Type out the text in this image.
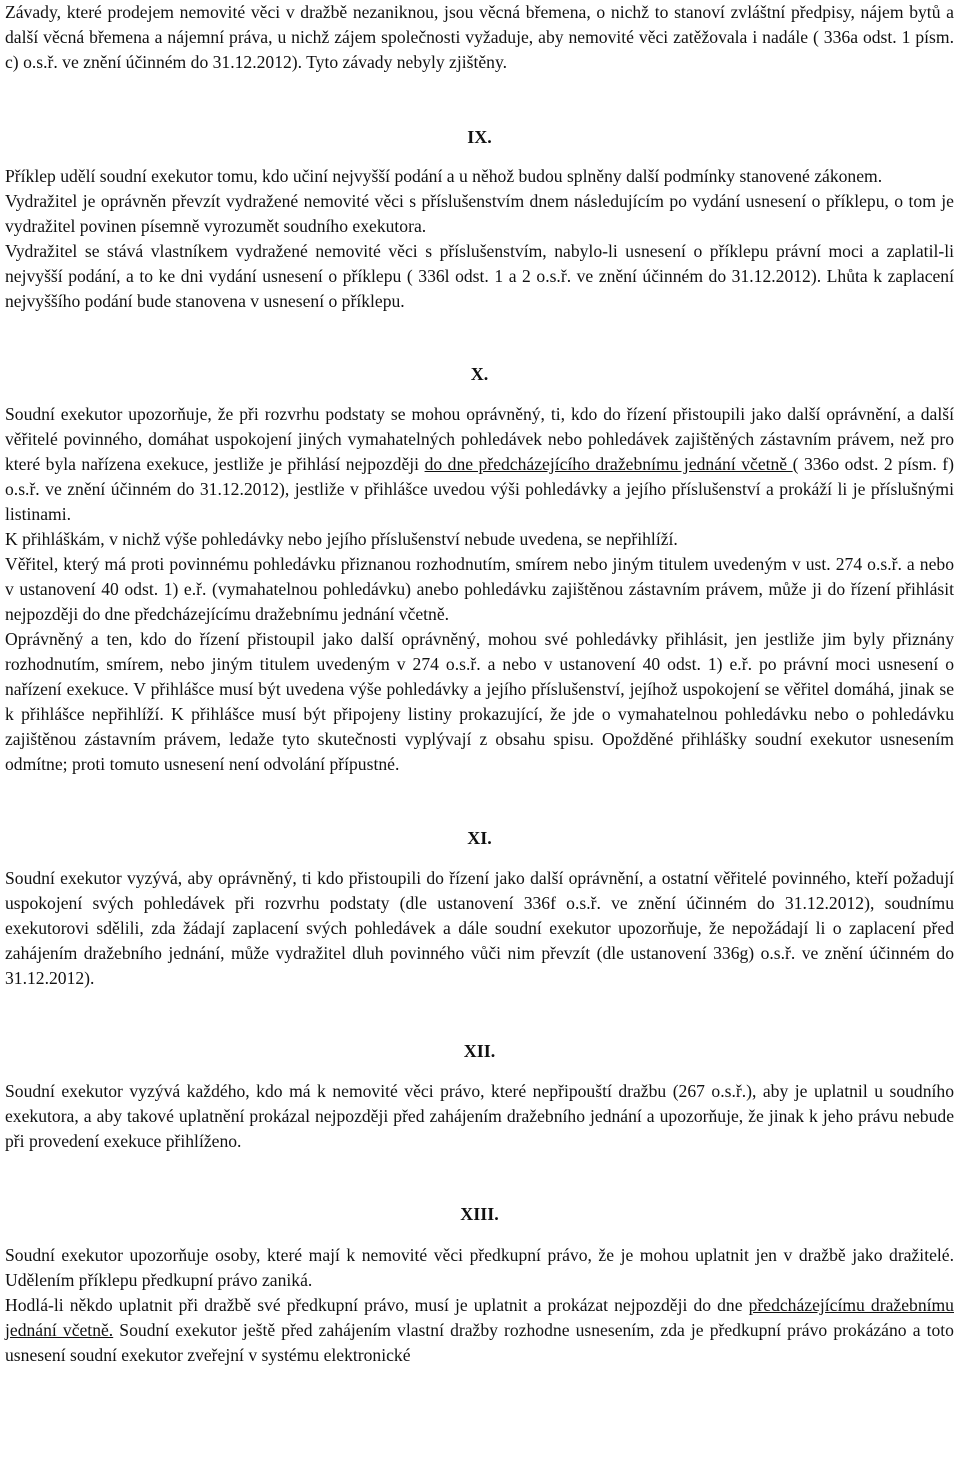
Závady, které prodejem nemovité věci v dražbě nezaniknou, jsou věcná břemena, o nichž to stanoví zvláštní předpisy, nájem bytů a další věcná břemena a nájemní práva, u nichž zájem společnosti vyžaduje, aby nemovité věci zatěžovala i nadále ( 336a odst. 1 písm. c) o.s.ř. ve znění účinném do 31.12.2012). Tyto závady nebyly zjištěny.

IX.

Příklep udělí soudní exekutor tomu, kdo učiní nejvyšší podání a u něhož budou splněny další podmínky stanovené zákonem.

Vydražitel je oprávněn převzít vydražené nemovité věci s příslušenstvím dnem následujícím po vydání usnesení o příklepu, o tom je vydražitel povinen písemně vyrozumět soudního exekutora.

Vydražitel se stává vlastníkem vydražené nemovité věci s příslušenstvím, nabylo-li usnesení o příklepu právní moci a zaplatil-li nejvyšší podání, a to ke dni vydání usnesení o příklepu ( 336l odst. 1 a 2 o.s.ř. ve znění účinném do 31.12.2012). Lhůta k zaplacení nejvyššího podání bude stanovena v usnesení o příklepu.

X.

Soudní exekutor upozorňuje, že při rozvrhu podstaty se mohou oprávněný, ti, kdo do řízení přistoupili jako další oprávnění, a další věřitelé povinného, domáhat uspokojení jiných vymahatelných pohledávek nebo pohledávek zajištěných zástavním právem, než pro které byla nařízena exekuce, jestliže je přihlásí nejpozději do dne předcházejícího dražebnímu jednání včetně ( 336o odst. 2 písm. f) o.s.ř. ve znění účinném do 31.12.2012), jestliže v přihlášce uvedou výši pohledávky a jejího příslušenství a prokáží li je příslušnými listinami.

K přihláškám, v nichž výše pohledávky nebo jejího příslušenství nebude uvedena, se nepřihlíží.

Věřitel, který má proti povinnému pohledávku přiznanou rozhodnutím, smírem nebo jiným titulem uvedeným v ust. 274 o.s.ř. a nebo v ustanovení 40 odst. 1) e.ř. (vymahatelnou pohledávku) anebo pohledávku zajištěnou zástavním právem, může ji do řízení přihlásit nejpozději do dne předcházejícímu dražebnímu jednání včetně.

Oprávněný a ten, kdo do řízení přistoupil jako další oprávněný, mohou své pohledávky přihlásit, jen jestliže jim byly přiznány rozhodnutím, smírem, nebo jiným titulem uvedeným v 274 o.s.ř. a nebo v ustanovení 40 odst. 1) e.ř. po právní moci usnesení o nařízení exekuce. V přihlášce musí být uvedena výše pohledávky a jejího příslušenství, jejíhož uspokojení se věřitel domáhá, jinak se k přihlášce nepřihlíží. K přihlášce musí být připojeny listiny prokazující, že jde o vymahatelnou pohledávku nebo o pohledávku zajištěnou zástavním právem, ledaže tyto skutečnosti vyplývají z obsahu spisu. Opožděné přihlášky soudní exekutor usnesením odmítne; proti tomuto usnesení není odvolání přípustné.

XI.

Soudní exekutor vyzývá, aby oprávněný, ti kdo přistoupili do řízení jako další oprávnění, a ostatní věřitelé povinného, kteří požadují uspokojení svých pohledávek při rozvrhu podstaty (dle ustanovení 336f o.s.ř. ve znění účinném do 31.12.2012), soudnímu exekutorovi sdělili, zda žádají zaplacení svých pohledávek a dále soudní exekutor upozorňuje, že nepožádají li o zaplacení před zahájením dražebního jednání, může vydražitel dluh povinného vůči nim převzít (dle ustanovení 336g) o.s.ř. ve znění účinném do 31.12.2012).

XII.

Soudní exekutor vyzývá každého, kdo má k nemovité věci právo, které nepřipouští dražbu (267 o.s.ř.), aby je uplatnil u soudního exekutora, a aby takové uplatnění prokázal nejpozději před zahájením dražebního jednání a upozorňuje, že jinak k jeho právu nebude při provedení exekuce přihlíženo.

XIII.

Soudní exekutor upozorňuje osoby, které mají k nemovité věci předkupní právo, že je mohou uplatnit jen v dražbě jako dražitelé. Udělením příklepu předkupní právo zaniká.

Hodlá-li někdo uplatnit při dražbě své předkupní právo, musí je uplatnit a prokázat nejpozději do dne předcházejícímu dražebnímu jednání včetně. Soudní exekutor ještě před zahájením vlastní dražby rozhodne usnesením, zda je předkupní právo prokázáno a toto usnesení soudní exekutor zveřejní v systému elektronické
